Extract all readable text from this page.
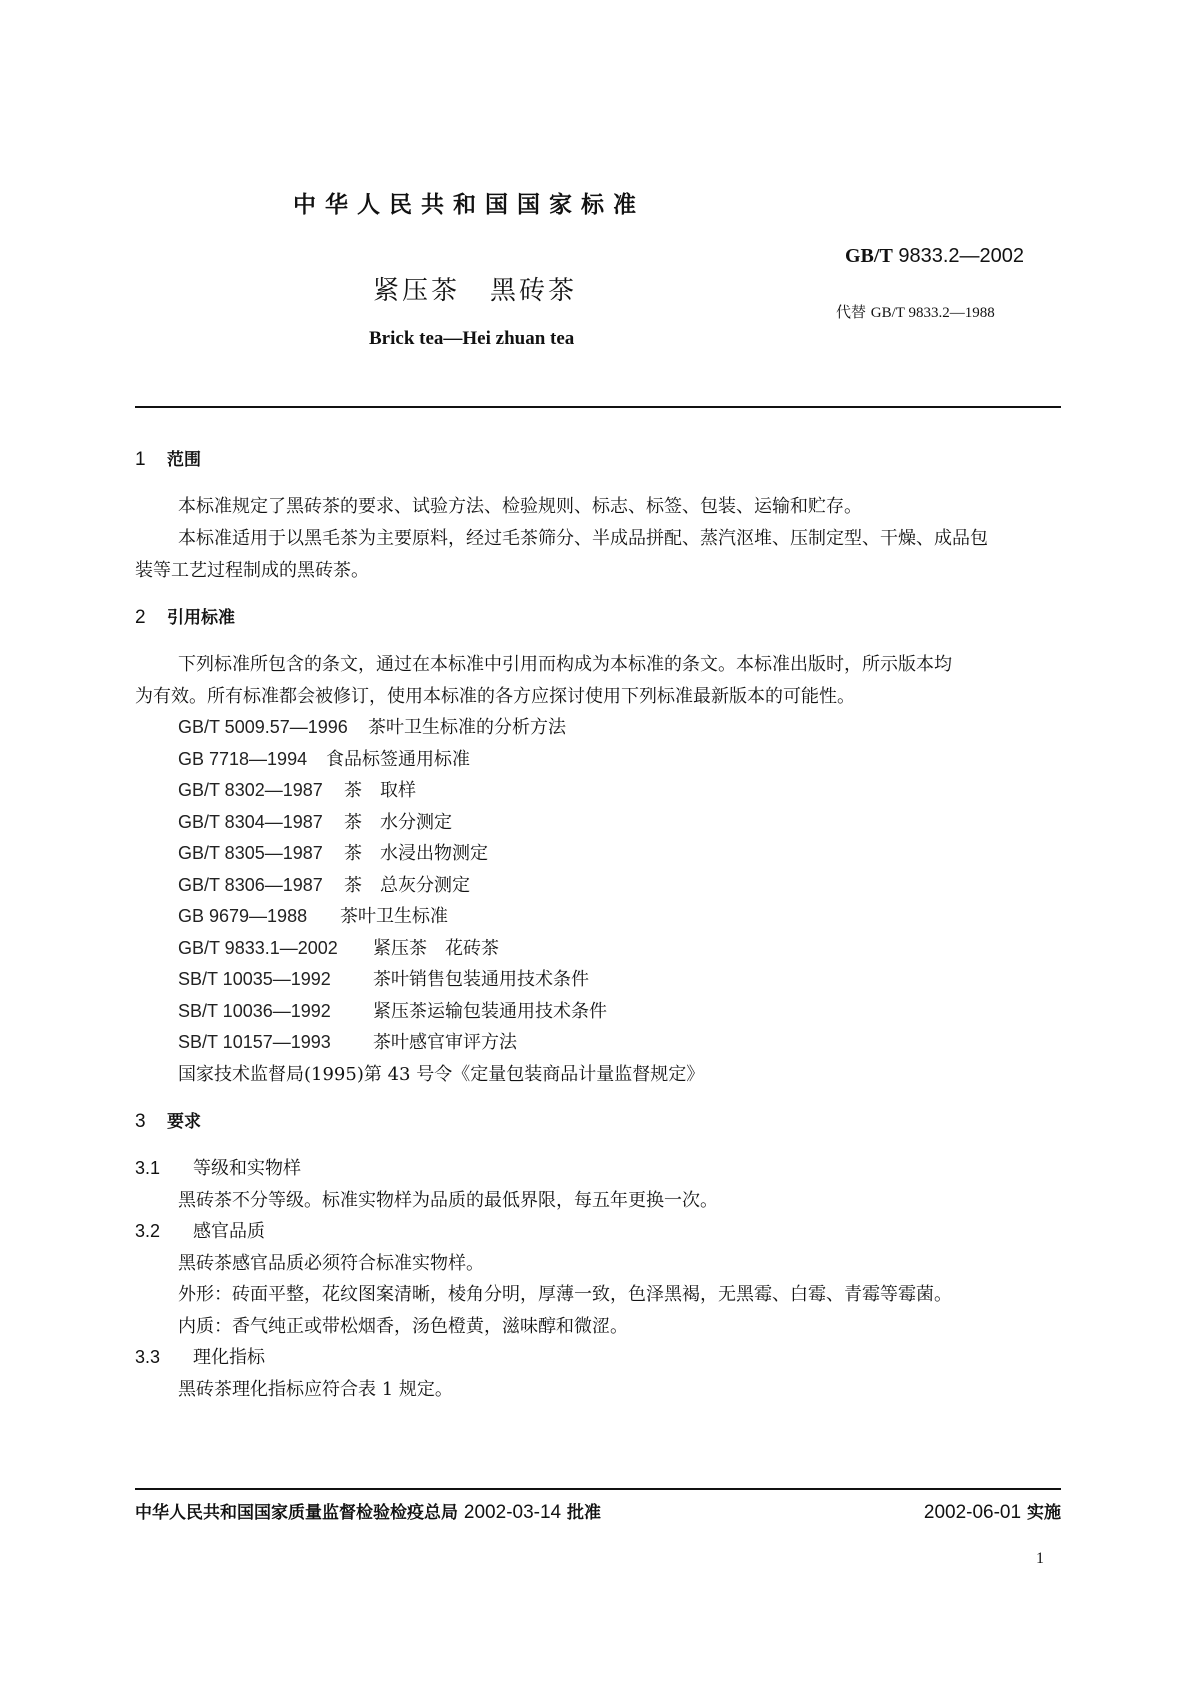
中华人民共和国国家标准
GB/T 9833.2—2002
紧压茶 黑砖茶
代替 GB/T 9833.2—1988
Brick tea—Hei zhuan tea
1 范围
本标准规定了黑砖茶的要求、试验方法、检验规则、标志、标签、包装、运输和贮存。
本标准适用于以黑毛茶为主要原料，经过毛茶筛分、半成品拼配、蒸汽沤堆、压制定型、干燥、成品包
装等工艺过程制成的黑砖茶。
2 引用标准
下列标准所包含的条文，通过在本标准中引用而构成为本标准的条文。本标准出版时，所示版本均
为有效。所有标准都会被修订，使用本标准的各方应探讨使用下列标准最新版本的可能性。
GB/T 5009.57—1996 茶叶卫生标准的分析方法
GB 7718—1994 食品标签通用标准
GB/T 8302—1987 茶　取样
GB/T 8304—1987 茶　水分测定
GB/T 8305—1987 茶　水浸出物测定
GB/T 8306—1987 茶　总灰分测定
GB 9679—1988 茶叶卫生标准
GB/T 9833.1—2002 紧压茶　花砖茶
SB/T 10035—1992 茶叶销售包装通用技术条件
SB/T 10036—1992 紧压茶运输包装通用技术条件
SB/T 10157—1993 茶叶感官审评方法
国家技术监督局(1995)第 43 号令《定量包装商品计量监督规定》
3 要求
3.1 等级和实物样
黑砖茶不分等级。标准实物样为品质的最低界限，每五年更换一次。
3.2 感官品质
黑砖茶感官品质必须符合标准实物样。
外形：砖面平整，花纹图案清晰，棱角分明，厚薄一致，色泽黑褐，无黑霉、白霉、青霉等霉菌。
内质：香气纯正或带松烟香，汤色橙黄，滋味醇和微涩。
3.3 理化指标
黑砖茶理化指标应符合表 1 规定。
中华人民共和国国家质量监督检验检疫总局 2002-03-14 批准	2002-06-01 实施
1
